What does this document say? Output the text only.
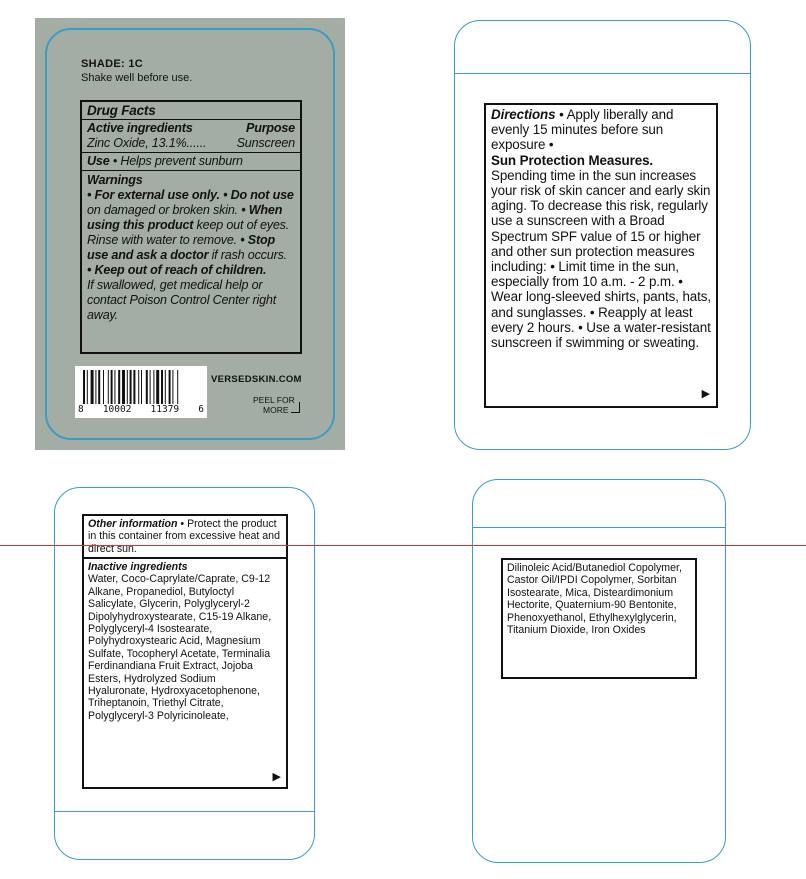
SHADE: 1C
Shake well before use.
Drug Facts
Active ingredients	Purpose
Zinc Oxide, 13.1%...... Sunscreen
Use • Helps prevent sunburn
Warnings
• For external use only. • Do not use on damaged or broken skin. • When using this product keep out of eyes. Rinse with water to remove. • Stop use and ask a doctor if rash occurs.
• Keep out of reach of children.
If swallowed, get medical help or contact Poison Control Center right away.
8 10002 11379 6
VERSEDSKIN.COM
PEEL FOR
MORE
Directions • Apply liberally and evenly 15 minutes before sun exposure •
Sun Protection Measures.
Spending time in the sun increases your risk of skin cancer and early skin aging. To decrease this risk, regularly use a sunscreen with a Broad Spectrum SPF value of 15 or higher and other sun protection measures including: • Limit time in the sun, especially from 10 a.m. - 2 p.m. • Wear long-sleeved shirts, pants, hats, and sunglasses. • Reapply at least every 2 hours. • Use a water-resistant sunscreen if swimming or sweating.
▶
Other information • Protect the product in this container from excessive heat and direct sun.
Inactive ingredients
Water, Coco-Caprylate/Caprate, C9-12 Alkane, Propanediol, Butyloctyl Salicylate, Glycerin, Polyglyceryl-2 Dipolyhydroxystearate, C15-19 Alkane, Polyglyceryl-4 Isostearate, Polyhydroxystearic Acid, Magnesium Sulfate, Tocopheryl Acetate, Terminalia Ferdinandiana Fruit Extract, Jojoba Esters, Hydrolyzed Sodium Hyaluronate, Hydroxyacetophenone, Triheptanoin, Triethyl Citrate, Polyglyceryl-3 Polyricinoleate,
▶
Dilinoleic Acid/Butanediol Copolymer, Castor Oil/IPDI Copolymer, Sorbitan Isostearate, Mica, Disteardimonium Hectorite, Quaternium-90 Bentonite, Phenoxyethanol, Ethylhexylglycerin, Titanium Dioxide, Iron Oxides
